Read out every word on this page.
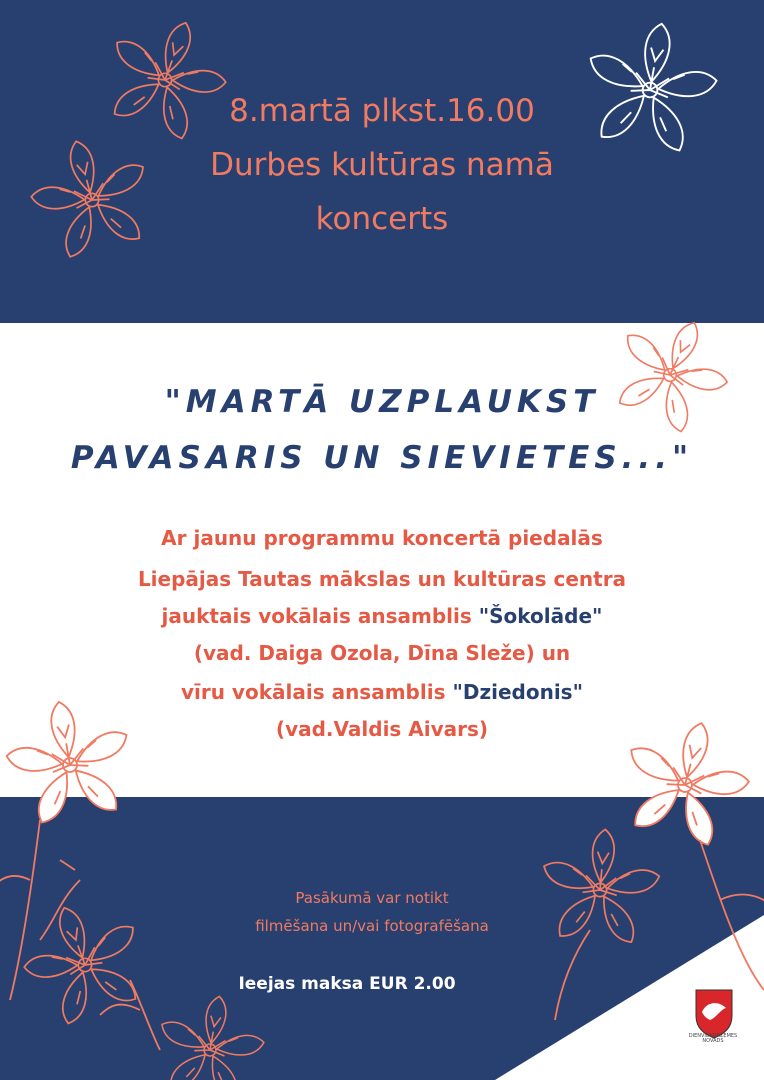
8.martā plkst.16.00
Durbes kultūras namā
koncerts
"MARTĀ UZPLAUKST
PAVASARIS UN SIEVIETES..."
Ar jaunu programmu koncertā piedalās
Liepājas Tautas mākslas un kultūras centra
jauktais vokālais ansamblis "Šokolāde"
(vad. Daiga Ozola, Dīna Sleže) un
vīru vokālais ansamblis "Dziedonis"
(vad.Valdis Aivars)
Pasākumā var notikt
filmēšana un/vai fotografēšana
Ieejas maksa EUR 2.00
DIENVIDKURZEMES NOVADS
